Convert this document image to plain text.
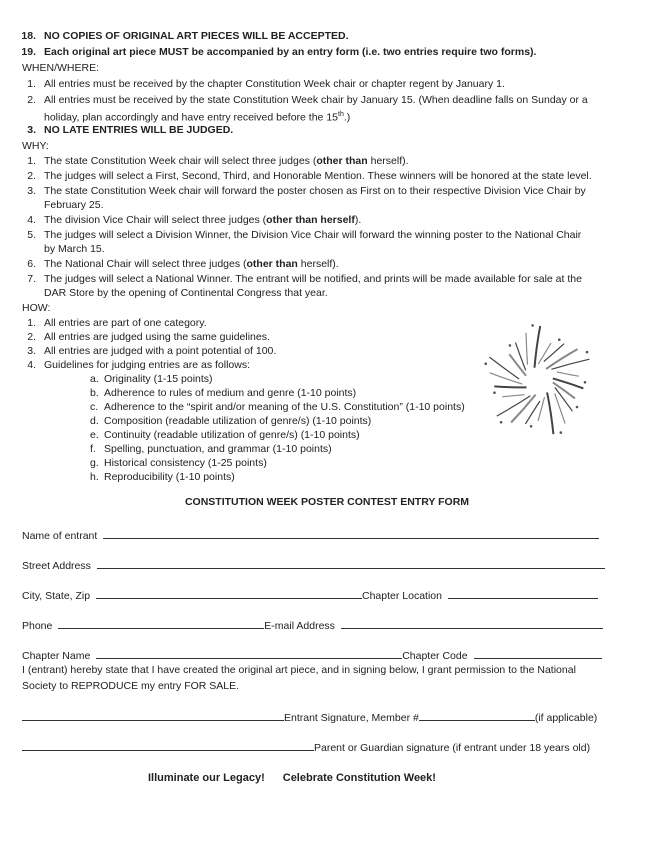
18. NO COPIES OF ORIGINAL ART PIECES WILL BE ACCEPTED.
19. Each original art piece MUST be accompanied by an entry form (i.e. two entries require two forms).
WHEN/WHERE:
1. All entries must be received by the chapter Constitution Week chair or chapter regent by January 1.
2. All entries must be received by the state Constitution Week chair by January 15. (When deadline falls on Sunday or a
holiday, plan accordingly and have entry received before the 15th.)
3. NO LATE ENTRIES WILL BE JUDGED.
WHY:
1. The state Constitution Week chair will select three judges (other than herself).
2. The judges will select a First, Second, Third, and Honorable Mention. These winners will be honored at the state level.
3. The state Constitution Week chair will forward the poster chosen as First on to their respective Division Vice Chair by
February 25.
4. The division Vice Chair will select three judges (other than herself).
5. The judges will select a Division Winner, the Division Vice Chair will forward the winning poster to the National Chair
by March 15.
6. The National Chair will select three judges (other than herself).
7. The judges will select a National Winner. The entrant will be notified, and prints will be made available for sale at the
DAR Store by the opening of Continental Congress that year.
HOW:
1. All entries are part of one category.
2. All entries are judged using the same guidelines.
3. All entries are judged with a point potential of 100.
4. Guidelines for judging entries are as follows:
a. Originality (1-15 points)
b. Adherence to rules of medium and genre (1-10 points)
c. Adherence to the “spirit and/or meaning of the U.S. Constitution” (1-10 points)
d. Composition (readable utilization of genre/s) (1-10 points)
e. Continuity (readable utilization of genre/s) (1-10 points)
f. Spelling, punctuation, and grammar (1-10 points)
g. Historical consistency (1-25 points)
h. Reproducibility (1-10 points)
CONSTITUTION WEEK POSTER CONTEST ENTRY FORM
Name of entrant
Street Address
City, State, Zip	Chapter Location
Phone	E-mail Address
Chapter Name	Chapter Code
I (entrant) hereby state that I have created the original art piece, and in signing below, I grant permission to the National
Society to REPRODUCE my entry FOR SALE.
Entrant Signature, Member #	(if applicable)
Parent or Guardian signature (if entrant under 18 years old)
Illuminate our Legacy! Celebrate Constitution Week!
